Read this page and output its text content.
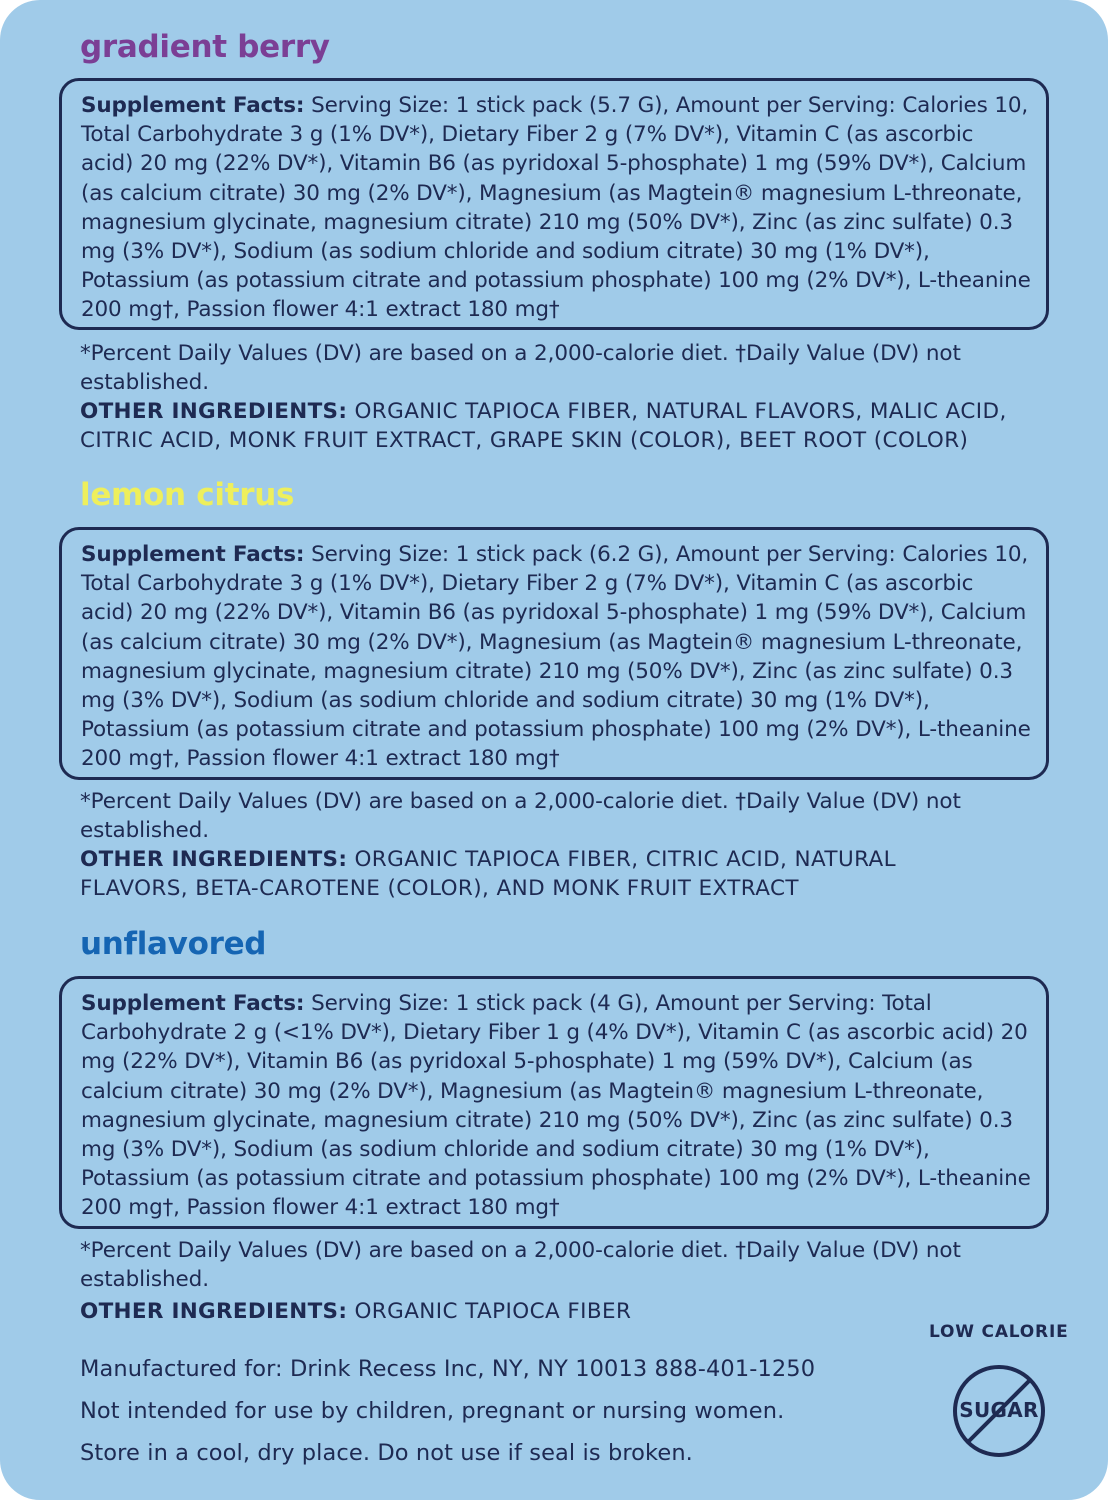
gradient berry
Supplement Facts: Serving Size: 1 stick pack (5.7 G), Amount per Serving: Calories 10, Total Carbohydrate 3 g (1% DV*), Dietary Fiber 2 g (7% DV*), Vitamin C (as ascorbic acid) 20 mg (22% DV*), Vitamin B6 (as pyridoxal 5-phosphate) 1 mg (59% DV*), Calcium (as calcium citrate) 30 mg (2% DV*), Magnesium (as Magtein® magnesium L-threonate, magnesium glycinate, magnesium citrate) 210 mg (50% DV*), Zinc (as zinc sulfate) 0.3 mg (3% DV*), Sodium (as sodium chloride and sodium citrate) 30 mg (1% DV*), Potassium (as potassium citrate and potassium phosphate) 100 mg (2% DV*), L-theanine 200 mg†, Passion flower 4:1 extract 180 mg†
*Percent Daily Values (DV) are based on a 2,000-calorie diet. †Daily Value (DV) not established.
OTHER INGREDIENTS: ORGANIC TAPIOCA FIBER, NATURAL FLAVORS, MALIC ACID, CITRIC ACID, MONK FRUIT EXTRACT, GRAPE SKIN (COLOR), BEET ROOT (COLOR)
lemon citrus
Supplement Facts: Serving Size: 1 stick pack (6.2 G), Amount per Serving: Calories 10, Total Carbohydrate 3 g (1% DV*), Dietary Fiber 2 g (7% DV*), Vitamin C (as ascorbic acid) 20 mg (22% DV*), Vitamin B6 (as pyridoxal 5-phosphate) 1 mg (59% DV*), Calcium (as calcium citrate) 30 mg (2% DV*), Magnesium (as Magtein® magnesium L-threonate, magnesium glycinate, magnesium citrate) 210 mg (50% DV*), Zinc (as zinc sulfate) 0.3 mg (3% DV*), Sodium (as sodium chloride and sodium citrate) 30 mg (1% DV*), Potassium (as potassium citrate and potassium phosphate) 100 mg (2% DV*), L-theanine 200 mg†, Passion flower 4:1 extract 180 mg†
*Percent Daily Values (DV) are based on a 2,000-calorie diet. †Daily Value (DV) not established.
OTHER INGREDIENTS: ORGANIC TAPIOCA FIBER, CITRIC ACID, NATURAL FLAVORS, BETA-CAROTENE (COLOR), AND MONK FRUIT EXTRACT
unflavored
Supplement Facts: Serving Size: 1 stick pack (4 G), Amount per Serving: Total Carbohydrate 2 g (<1% DV*), Dietary Fiber 1 g (4% DV*), Vitamin C (as ascorbic acid) 20 mg (22% DV*), Vitamin B6 (as pyridoxal 5-phosphate) 1 mg (59% DV*), Calcium (as calcium citrate) 30 mg (2% DV*), Magnesium (as Magtein® magnesium L-threonate, magnesium glycinate, magnesium citrate) 210 mg (50% DV*), Zinc (as zinc sulfate) 0.3 mg (3% DV*), Sodium (as sodium chloride and sodium citrate) 30 mg (1% DV*), Potassium (as potassium citrate and potassium phosphate) 100 mg (2% DV*), L-theanine 200 mg†, Passion flower 4:1 extract 180 mg†
*Percent Daily Values (DV) are based on a 2,000-calorie diet. †Daily Value (DV) not established.
OTHER INGREDIENTS: ORGANIC TAPIOCA FIBER
Manufactured for: Drink Recess Inc, NY, NY 10013 888-401-1250
Not intended for use by children, pregnant or nursing women.
Store in a cool, dry place. Do not use if seal is broken.
LOW CALORIE
SUGAR
